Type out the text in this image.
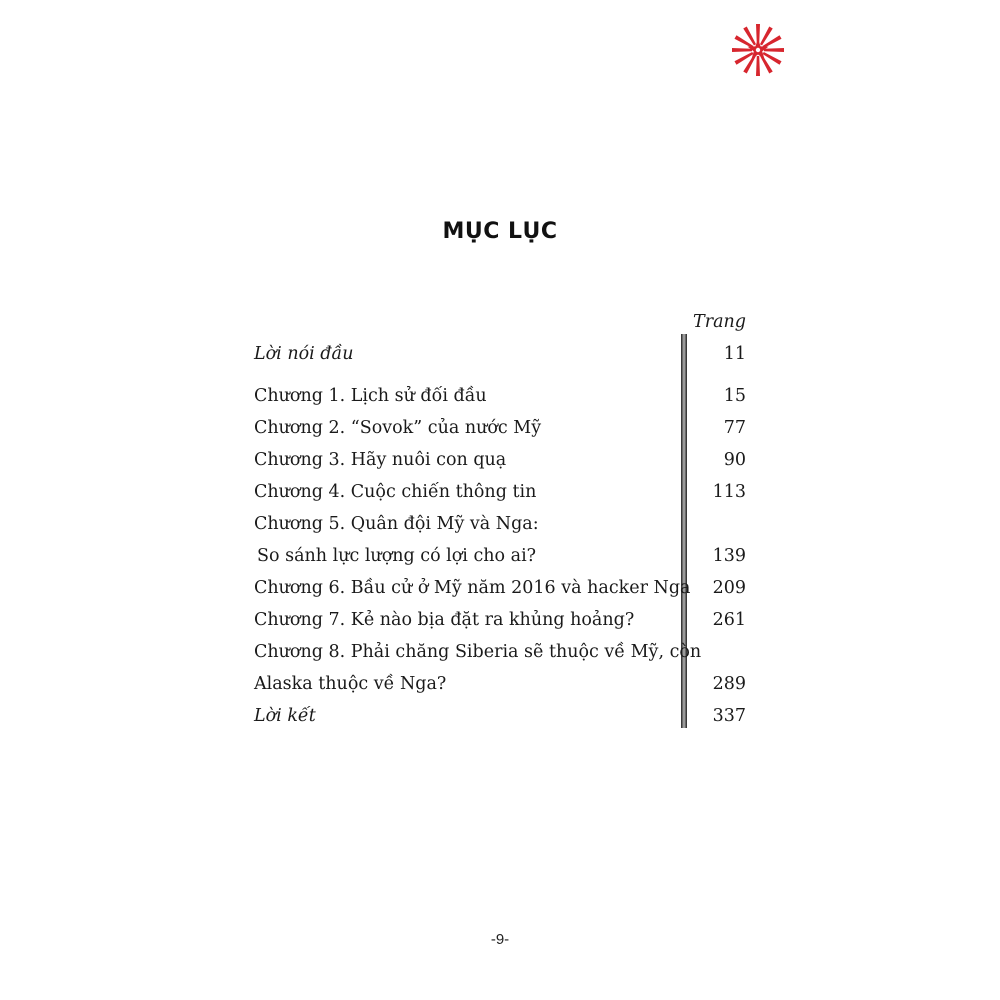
MỤC LỤC
Trang
Lời nói đầu	11
Chương 1. Lịch sử đối đầu	15
Chương 2. “Sovok” của nước Mỹ	77
Chương 3. Hãy nuôi con quạ	90
Chương 4. Cuộc chiến thông tin	113
Chương 5. Quân đội Mỹ và Nga:
So sánh lực lượng có lợi cho ai?	139
Chương 6. Bầu cử ở Mỹ năm 2016 và hacker Nga 209
Chương 7. Kẻ nào bịa đặt ra khủng hoảng?	261
Chương 8. Phải chăng Siberia sẽ thuộc về Mỹ, còn
Alaska thuộc về Nga?	289
Lời kết	337
-9-
